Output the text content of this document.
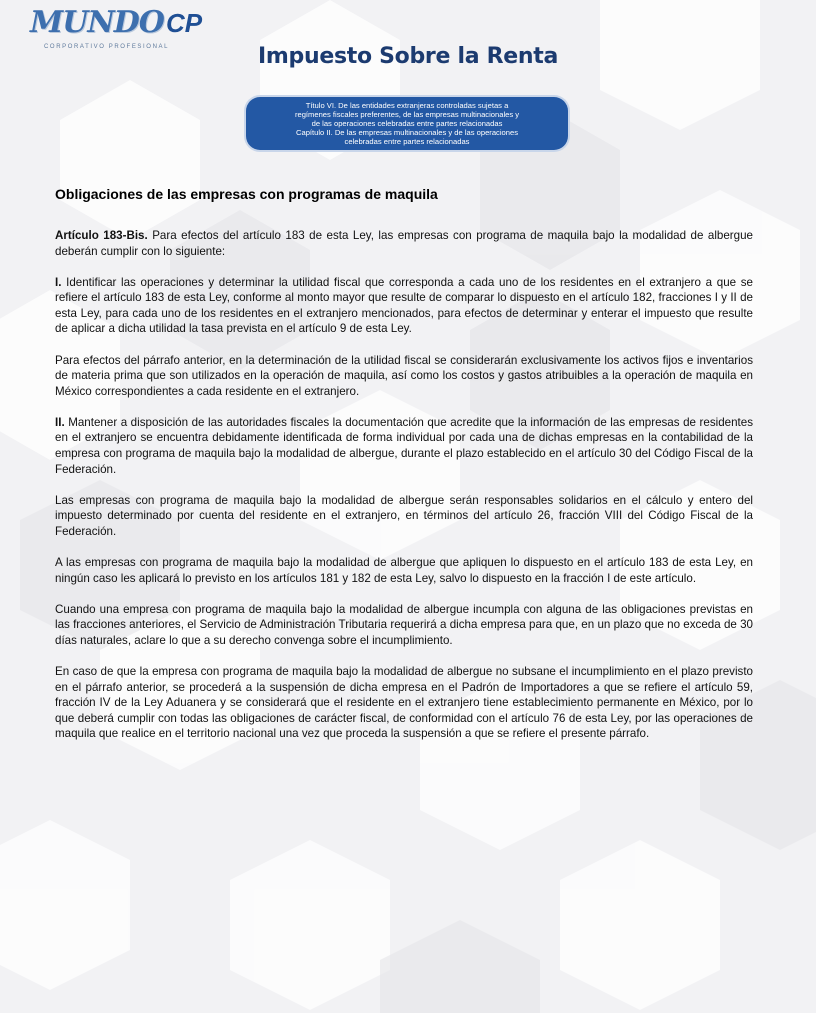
MUNDOCP
CORPORATIVO PROFESIONAL	Impuesto Sobre la Renta
Título VI. De las entidades extranjeras controladas sujetas a
regímenes fiscales preferentes, de las empresas multinacionales y
de las operaciones celebradas entre partes relacionadas
Capítulo II. De las empresas multinacionales y de las operaciones
celebradas entre partes relacionadas
Obligaciones de las empresas con programas de maquila

Artículo 183-Bis. Para efectos del artículo 183 de esta Ley, las empresas con programa de maquila bajo la modalidad de albergue deberán cumplir con lo siguiente:

I. Identificar las operaciones y determinar la utilidad fiscal que corresponda a cada uno de los residentes en el extranjero a que se refiere el artículo 183 de esta Ley, conforme al monto mayor que resulte de comparar lo dispuesto en el artículo 182, fracciones I y II de esta Ley, para cada uno de los residentes en el extranjero mencionados, para efectos de determinar y enterar el impuesto que resulte de aplicar a dicha utilidad la tasa prevista en el artículo 9 de esta Ley.

Para efectos del párrafo anterior, en la determinación de la utilidad fiscal se considerarán exclusivamente los activos fijos e inventarios de materia prima que son utilizados en la operación de maquila, así como los costos y gastos atribuibles a la operación de maquila en México correspondientes a cada residente en el extranjero.

II. Mantener a disposición de las autoridades fiscales la documentación que acredite que la información de las empresas de residentes en el extranjero se encuentra debidamente identificada de forma individual por cada una de dichas empresas en la contabilidad de la empresa con programa de maquila bajo la modalidad de albergue, durante el plazo establecido en el artículo 30 del Código Fiscal de la Federación.

Las empresas con programa de maquila bajo la modalidad de albergue serán responsables solidarios en el cálculo y entero del impuesto determinado por cuenta del residente en el extranjero, en términos del artículo 26, fracción VIII del Código Fiscal de la Federación.

A las empresas con programa de maquila bajo la modalidad de albergue que apliquen lo dispuesto en el artículo 183 de esta Ley, en ningún caso les aplicará lo previsto en los artículos 181 y 182 de esta Ley, salvo lo dispuesto en la fracción I de este artículo.

Cuando una empresa con programa de maquila bajo la modalidad de albergue incumpla con alguna de las obligaciones previstas en las fracciones anteriores, el Servicio de Administración Tributaria requerirá a dicha empresa para que, en un plazo que no exceda de 30 días naturales, aclare lo que a su derecho convenga sobre el incumplimiento.

En caso de que la empresa con programa de maquila bajo la modalidad de albergue no subsane el incumplimiento en el plazo previsto en el párrafo anterior, se procederá a la suspensión de dicha empresa en el Padrón de Importadores a que se refiere el artículo 59, fracción IV de la Ley Aduanera y se considerará que el residente en el extranjero tiene establecimiento permanente en México, por lo que deberá cumplir con todas las obligaciones de carácter fiscal, de conformidad con el artículo 76 de esta Ley, por las operaciones de maquila que realice en el territorio nacional una vez que proceda la suspensión a que se refiere el presente párrafo.
